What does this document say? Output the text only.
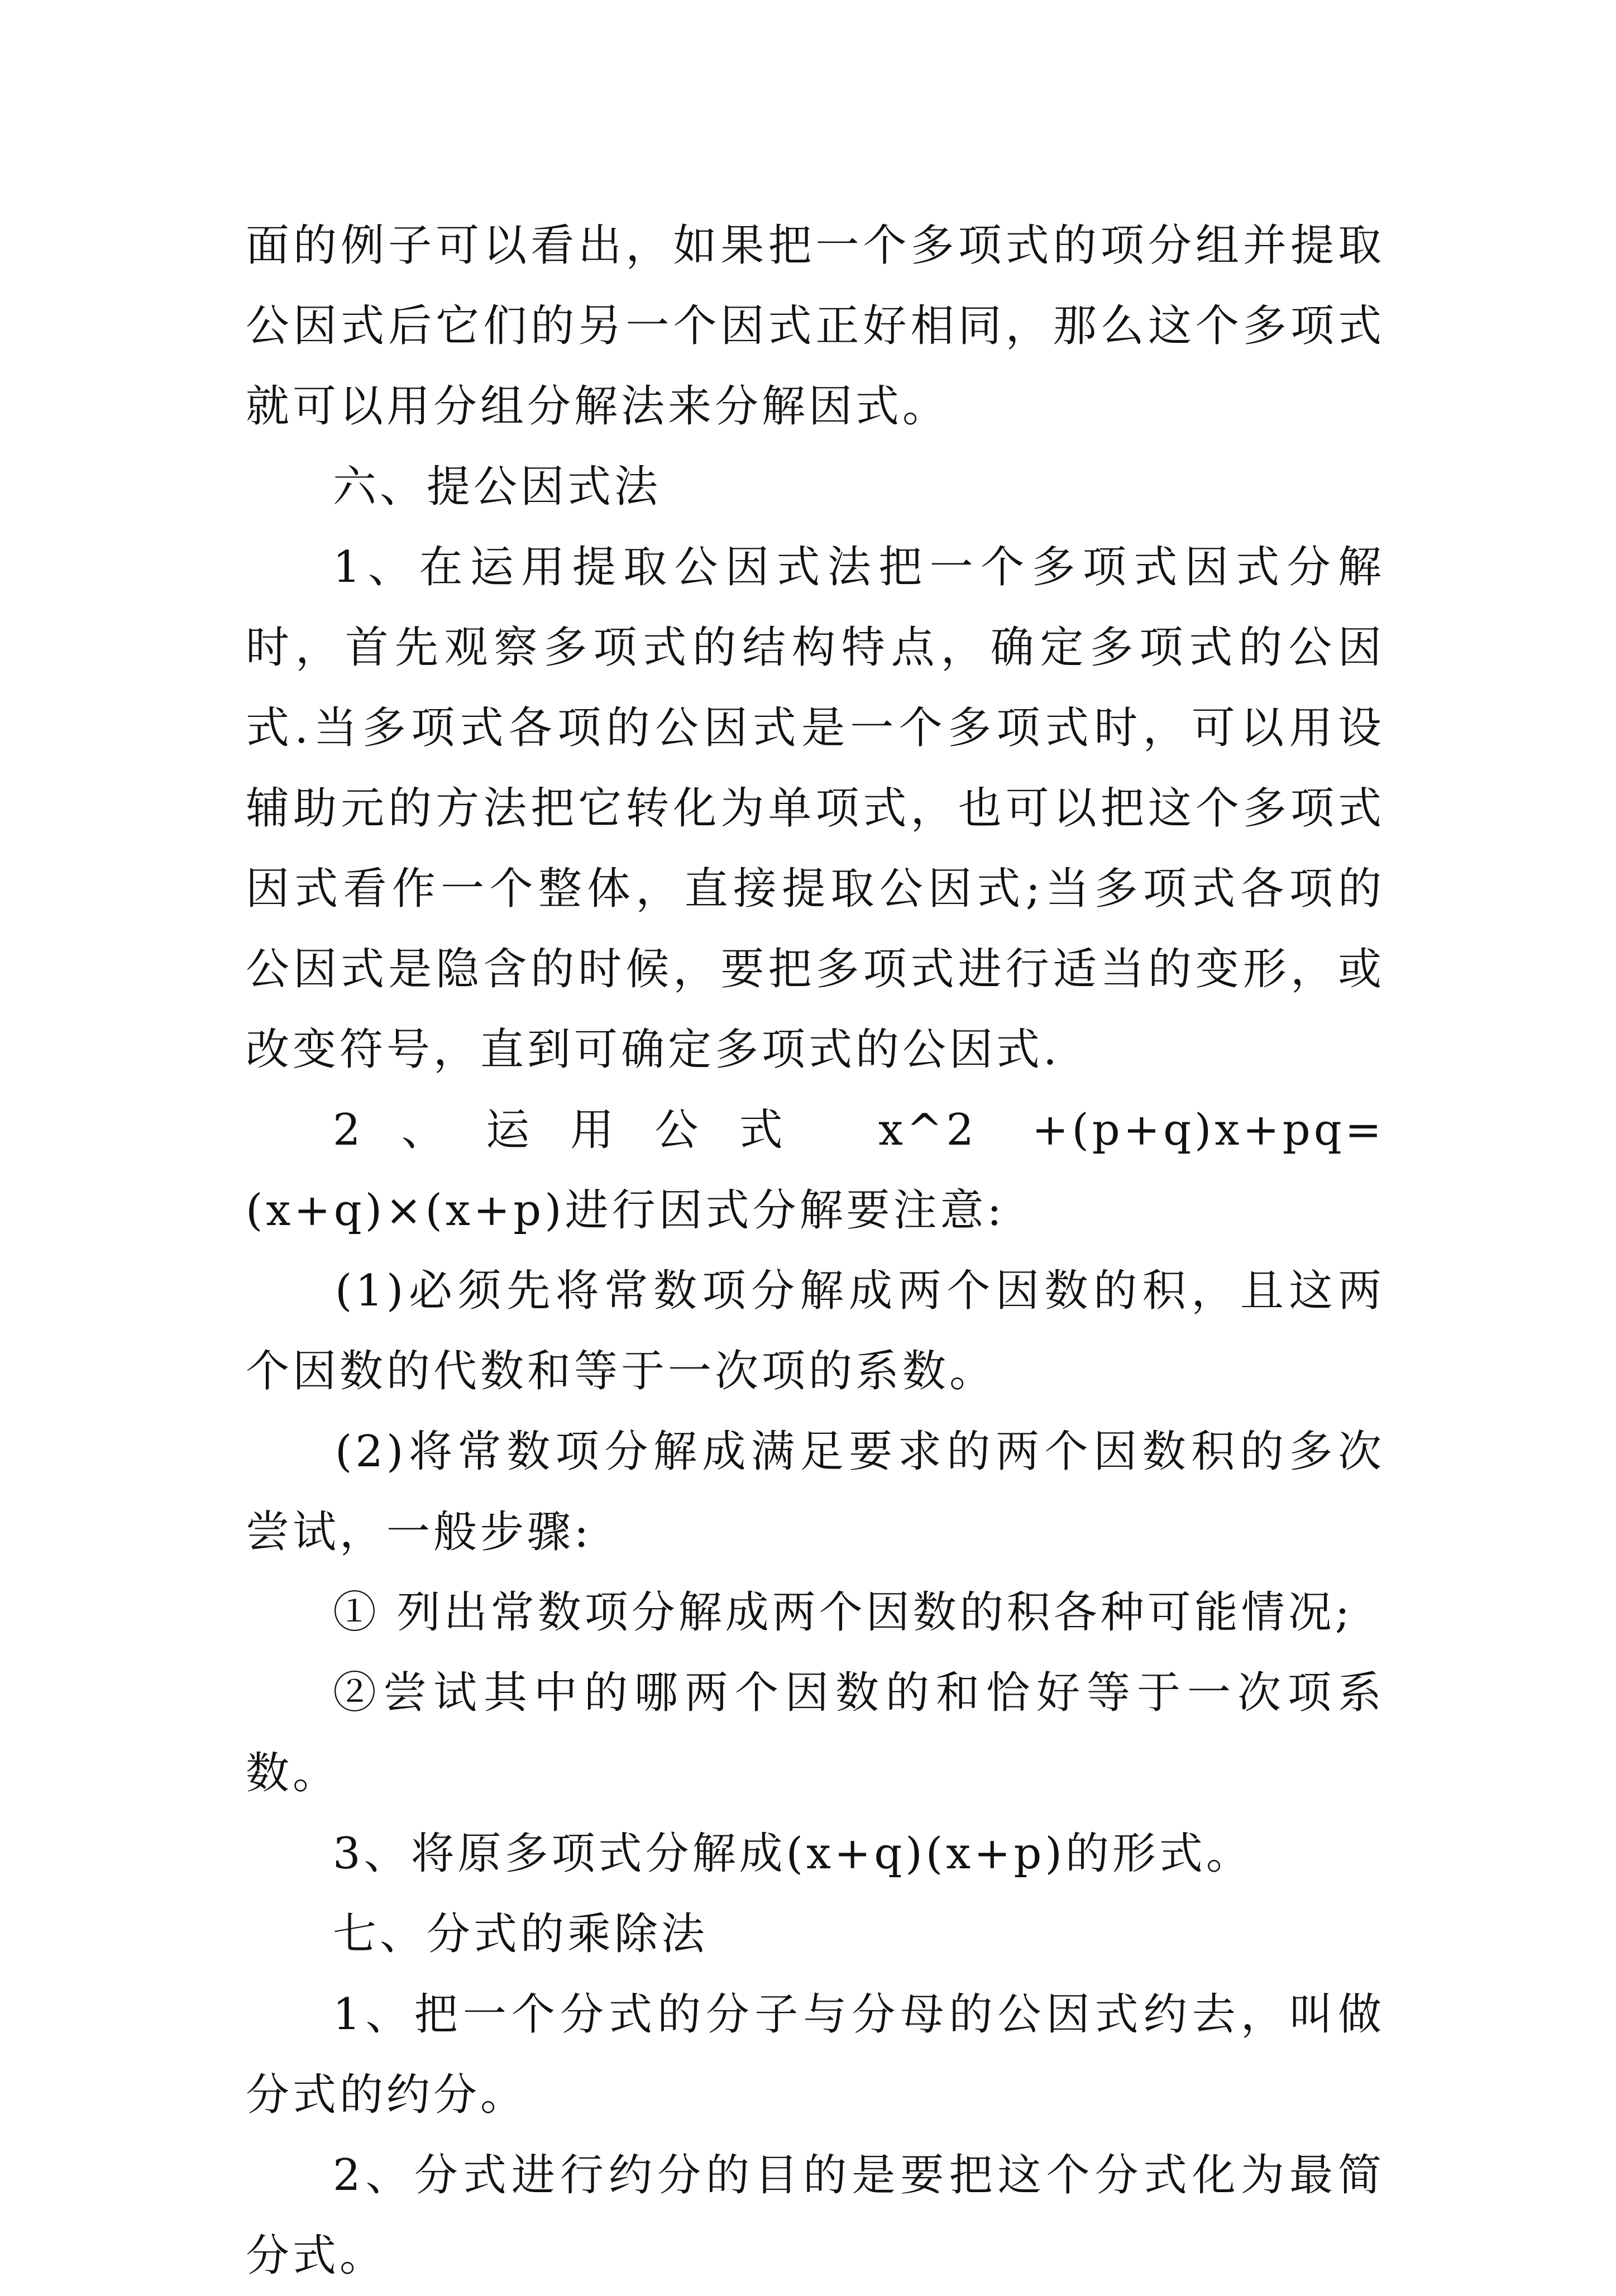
面的例子可以看出，如果把一个多项式的项分组并提取公因式后它们的另一个因式正好相同，那么这个多项式就可以用分组分解法来分解因式。

六、提公因式法

1、在运用提取公因式法把一个多项式因式分解时，首先观察多项式的结构特点，确定多项式的公因式.当多项式各项的公因式是一个多项式时，可以用设辅助元的方法把它转化为单项式，也可以把这个多项式因式看作一个整体，直接提取公因式;当多项式各项的公因式是隐含的时候，要把多项式进行适当的变形，或改变符号，直到可确定多项式的公因式.

2、运用公式 x^2 +(p+q)x+pq=(x+q)×(x+p)进行因式分解要注意:

(1)必须先将常数项分解成两个因数的积，且这两个因数的代数和等于一次项的系数。

(2)将常数项分解成满足要求的两个因数积的多次尝试，一般步骤:

① 列出常数项分解成两个因数的积各种可能情况;

②尝试其中的哪两个因数的和恰好等于一次项系数。

3、将原多项式分解成(x+q)(x+p)的形式。

七、分式的乘除法

1、把一个分式的分子与分母的公因式约去，叫做分式的约分。

2、分式进行约分的目的是要把这个分式化为最简分式。
